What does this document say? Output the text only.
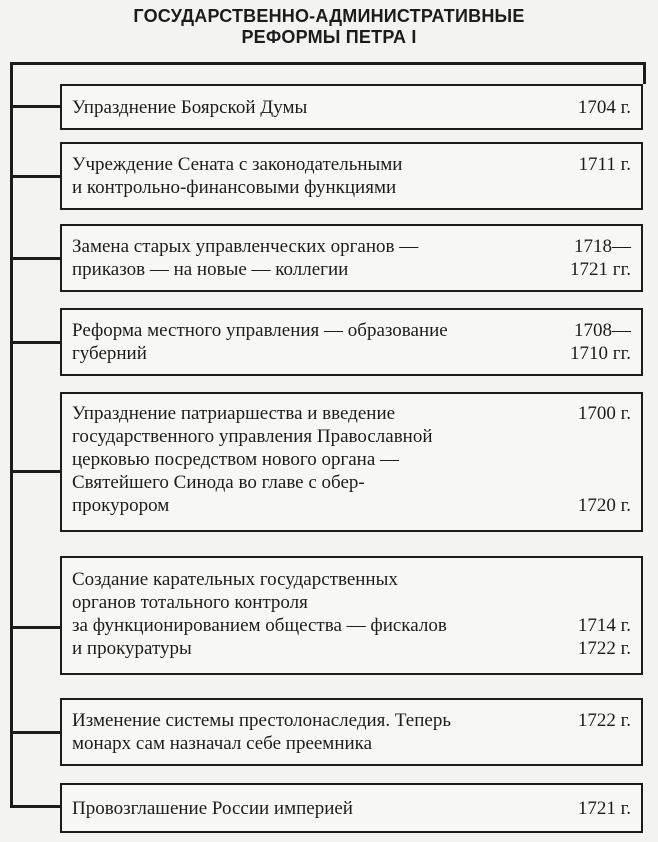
ГОСУДАРСТВЕННО-АДМИНИСТРАТИВНЫЕ
РЕФОРМЫ ПЕТРА I
Упразднение Боярской Думы	1704 г.
Учреждение Сената с законодательными
и контрольно-финансовыми функциями
1711 г.
Замена старых управленческих органов —
приказов — на новые — коллегии
1718—
1721 гг.
Реформа местного управления — образование
губерний
1708—
1710 гг.
Упразднение патриаршества и введение
государственного управления Православной
церковью посредством нового органа —
Святейшего Синода во главе с обер-
прокурором
1700 г.
1720 г.
Создание карательных государственных
органов тотального контроля
за функционированием общества — фискалов
и прокуратуры
1714 г.
1722 г.
Изменение системы престолонаследия. Теперь
монарх сам назначал себе преемника
1722 г.
Провозглашение России империей	1721 г.
